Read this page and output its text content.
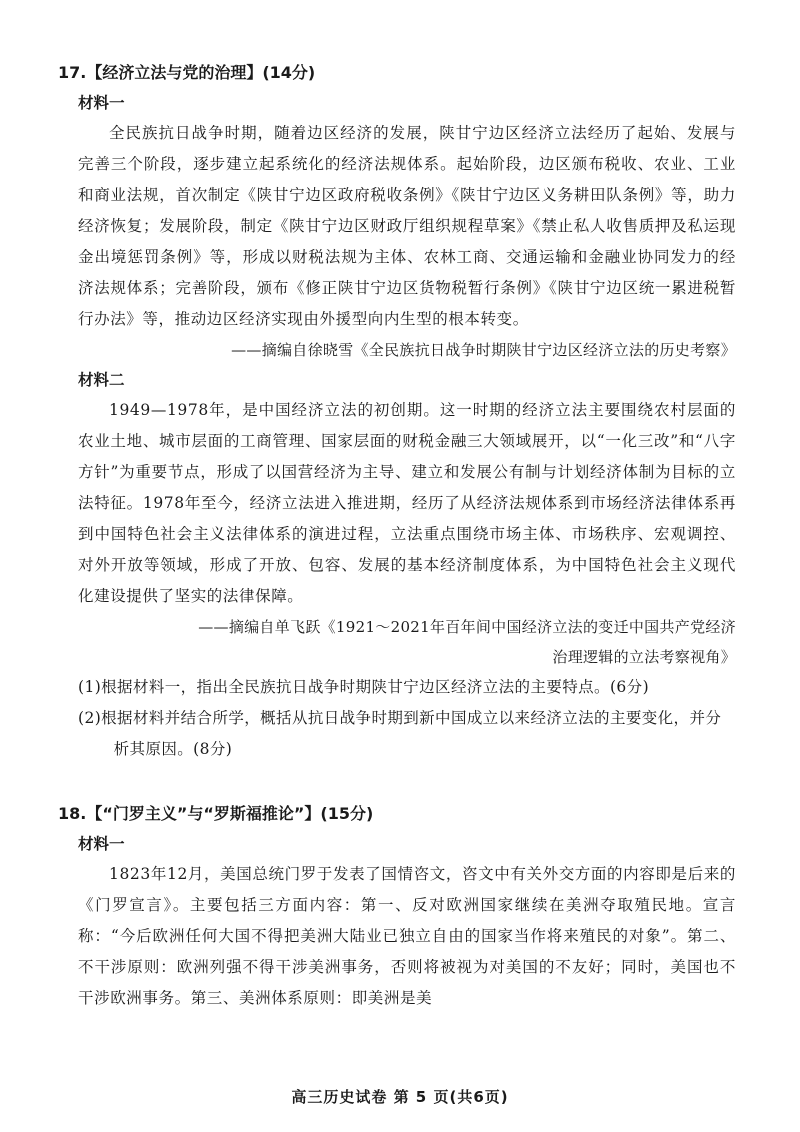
17.【经济立法与党的治理】(14分)

材料一

全民族抗日战争时期，随着边区经济的发展，陕甘宁边区经济立法经历了起始、发展与完善三个阶段，逐步建立起系统化的经济法规体系。起始阶段，边区颁布税收、农业、工业和商业法规，首次制定《陕甘宁边区政府税收条例》《陕甘宁边区义务耕田队条例》等，助力经济恢复；发展阶段，制定《陕甘宁边区财政厅组织规程草案》《禁止私人收售质押及私运现金出境惩罚条例》等，形成以财税法规为主体、农林工商、交通运输和金融业协同发力的经济法规体系；完善阶段，颁布《修正陕甘宁边区货物税暂行条例》《陕甘宁边区统一累进税暂行办法》等，推动边区经济实现由外援型向内生型的根本转变。

——摘编自徐晓雪《全民族抗日战争时期陕甘宁边区经济立法的历史考察》

材料二

1949—1978年，是中国经济立法的初创期。这一时期的经济立法主要围绕农村层面的农业土地、城市层面的工商管理、国家层面的财税金融三大领域展开，以“一化三改”和“八字方针”为重要节点，形成了以国营经济为主导、建立和发展公有制与计划经济体制为目标的立法特征。1978年至今，经济立法进入推进期，经历了从经济法规体系到市场经济法律体系再到中国特色社会主义法律体系的演进过程，立法重点围绕市场主体、市场秩序、宏观调控、对外开放等领域，形成了开放、包容、发展的基本经济制度体系，为中国特色社会主义现代化建设提供了坚实的法律保障。

——摘编自单飞跃《1921～2021年百年间中国经济立法的变迁中国共产党经济
治理逻辑的立法考察视角》

(1)根据材料一，指出全民族抗日战争时期陕甘宁边区经济立法的主要特点。(6分)

(2)根据材料并结合所学，概括从抗日战争时期到新中国成立以来经济立法的主要变化，并分析其原因。(8分)

18.【“门罗主义”与“罗斯福推论”】(15分)

材料一

1823年12月，美国总统门罗于发表了国情咨文，咨文中有关外交方面的内容即是后来的《门罗宣言》。主要包括三方面内容：第一、反对欧洲国家继续在美洲夺取殖民地。宣言称：“今后欧洲任何大国不得把美洲大陆业已独立自由的国家当作将来殖民的对象”。第二、不干涉原则：欧洲列强不得干涉美洲事务，否则将被视为对美国的不友好；同时，美国也不干涉欧洲事务。第三、美洲体系原则：即美洲是美

高三历史试卷 第 5 页(共6页)
